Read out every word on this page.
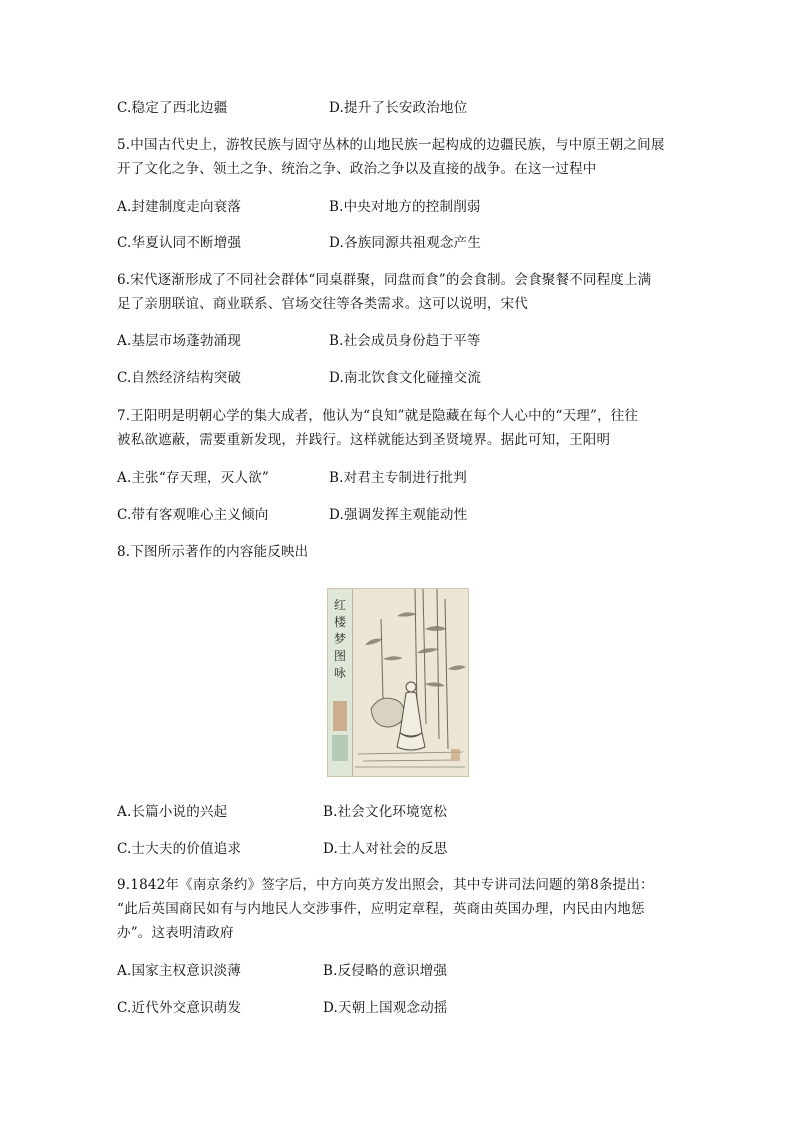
C.稳定了西北边疆	D.提升了长安政治地位
5.中国古代史上，游牧民族与固守丛林的山地民族一起构成的边疆民族，与中原王朝之间展
开了文化之争、领土之争、统治之争、政治之争以及直接的战争。在这一过程中
A.封建制度走向衰落	B.中央对地方的控制削弱
C.华夏认同不断增强	D.各族同源共祖观念产生
6.宋代逐渐形成了不同社会群体“同桌群聚，同盘而食”的会食制。会食聚餐不同程度上满
足了亲朋联谊、商业联系、官场交往等各类需求。这可以说明，宋代
A.基层市场蓬勃涌现	B.社会成员身份趋于平等
C.自然经济结构突破	D.南北饮食文化碰撞交流
7.王阳明是明朝心学的集大成者，他认为“良知”就是隐藏在每个人心中的“天理”，往往
被私欲遮蔽，需要重新发现，并践行。这样就能达到圣贤境界。据此可知，王阳明
A.主张“存天理，灭人欲”	B.对君主专制进行批判
C.带有客观唯心主义倾向	D.强调发挥主观能动性
8.下图所示著作的内容能反映出
红楼梦图咏
A.长篇小说的兴起	B.社会文化环境宽松
C.士大夫的价值追求	D.士人对社会的反思
9.1842年《南京条约》签字后，中方向英方发出照会，其中专讲司法问题的第8条提出：
“此后英国商民如有与内地民人交涉事件，应明定章程，英商由英国办理，内民由内地惩
办”。这表明清政府
A.国家主权意识淡薄	B.反侵略的意识增强
C.近代外交意识萌发	D.天朝上国观念动摇
